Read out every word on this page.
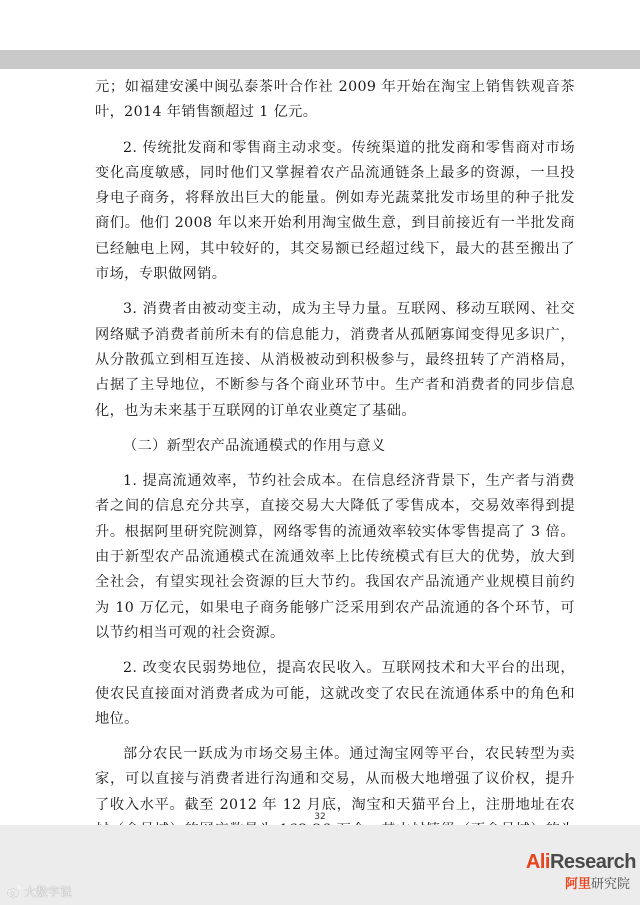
元；如福建安溪中闽弘泰茶叶合作社 2009 年开始在淘宝上销售铁观音茶叶，2014 年销售额超过 1 亿元。

2. 传统批发商和零售商主动求变。传统渠道的批发商和零售商对市场变化高度敏感，同时他们又掌握着农产品流通链条上最多的资源，一旦投身电子商务，将释放出巨大的能量。例如寿光蔬菜批发市场里的种子批发商们。他们 2008 年以来开始利用淘宝做生意，到目前接近有一半批发商已经触电上网，其中较好的，其交易额已经超过线下，最大的甚至搬出了市场，专职做网销。

3. 消费者由被动变主动，成为主导力量。互联网、移动互联网、社交网络赋予消费者前所未有的信息能力，消费者从孤陋寡闻变得见多识广，从分散孤立到相互连接、从消极被动到积极参与，最终扭转了产消格局，占据了主导地位，不断参与各个商业环节中。生产者和消费者的同步信息化，也为未来基于互联网的订单农业奠定了基础。

（二）新型农产品流通模式的作用与意义

1. 提高流通效率，节约社会成本。在信息经济背景下，生产者与消费者之间的信息充分共享，直接交易大大降低了零售成本，交易效率得到提升。根据阿里研究院测算，网络零售的流通效率较实体零售提高了 3 倍。由于新型农产品流通模式在流通效率上比传统模式有巨大的优势，放大到全社会，有望实现社会资源的巨大节约。我国农产品流通产业规模目前约为 10 万亿元，如果电子商务能够广泛采用到农产品流通的各个环节，可以节约相当可观的社会资源。

2. 改变农民弱势地位，提高农民收入。互联网技术和大平台的出现，使农民直接面对消费者成为可能，这就改变了农民在流通体系中的角色和地位。

部分农民一跃成为市场交易主体。通过淘宝网等平台，农民转型为卖家，可以直接与消费者进行沟通和交易，从而极大地增强了议价权，提升了收入水平。截至 2012 年 12 月底，淘宝和天猫平台上，注册地址在农

32
大数字说
AliResearch
阿里研究院
